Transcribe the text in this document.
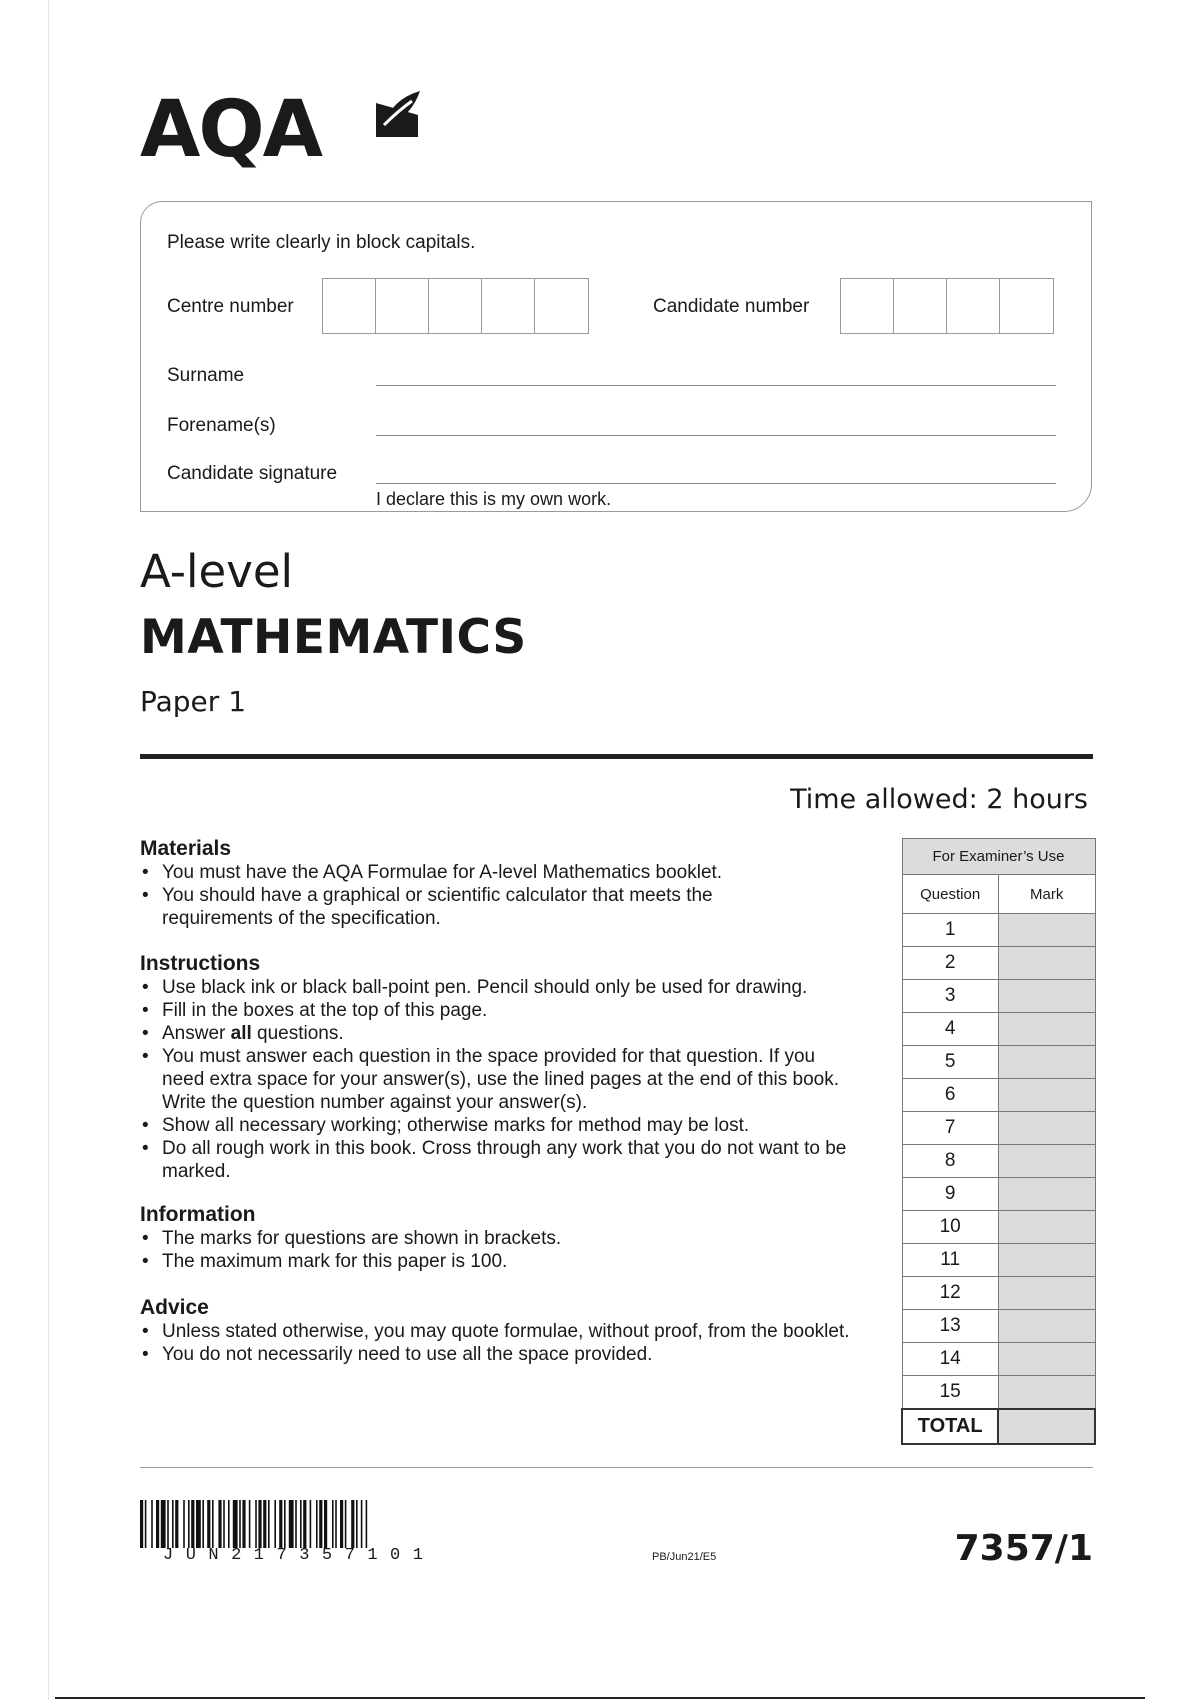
AQA
Please write clearly in block capitals.
Centre number	Candidate number
Surname
Forename(s)
Candidate signature
I declare this is my own work.
A-level
MATHEMATICS
Paper 1
Time allowed: 2 hours
Materials
• You must have the AQA Formulae for A-level Mathematics booklet.
• You should have a graphical or scientific calculator that meets the requirements of the specification.
Instructions
• Use black ink or black ball-point pen. Pencil should only be used for drawing.
• Fill in the boxes at the top of this page.
• Answer all questions.
• You must answer each question in the space provided for that question. If you need extra space for your answer(s), use the lined pages at the end of this book. Write the question number against your answer(s).
• Show all necessary working; otherwise marks for method may be lost.
• Do all rough work in this book. Cross through any work that you do not want to be marked.
Information
• The marks for questions are shown in brackets.
• The maximum mark for this paper is 100.
Advice
• Unless stated otherwise, you may quote formulae, without proof, from the booklet.
• You do not necessarily need to use all the space provided.
For Examiner’s Use	
Question	Mark
1	
2	
3	
4	
5	
6	
7	
8	
9	
10	
11	
12	
13	
14	
15	
TOTAL	
JUN217357101	PB/Jun21/E5	7357/1
